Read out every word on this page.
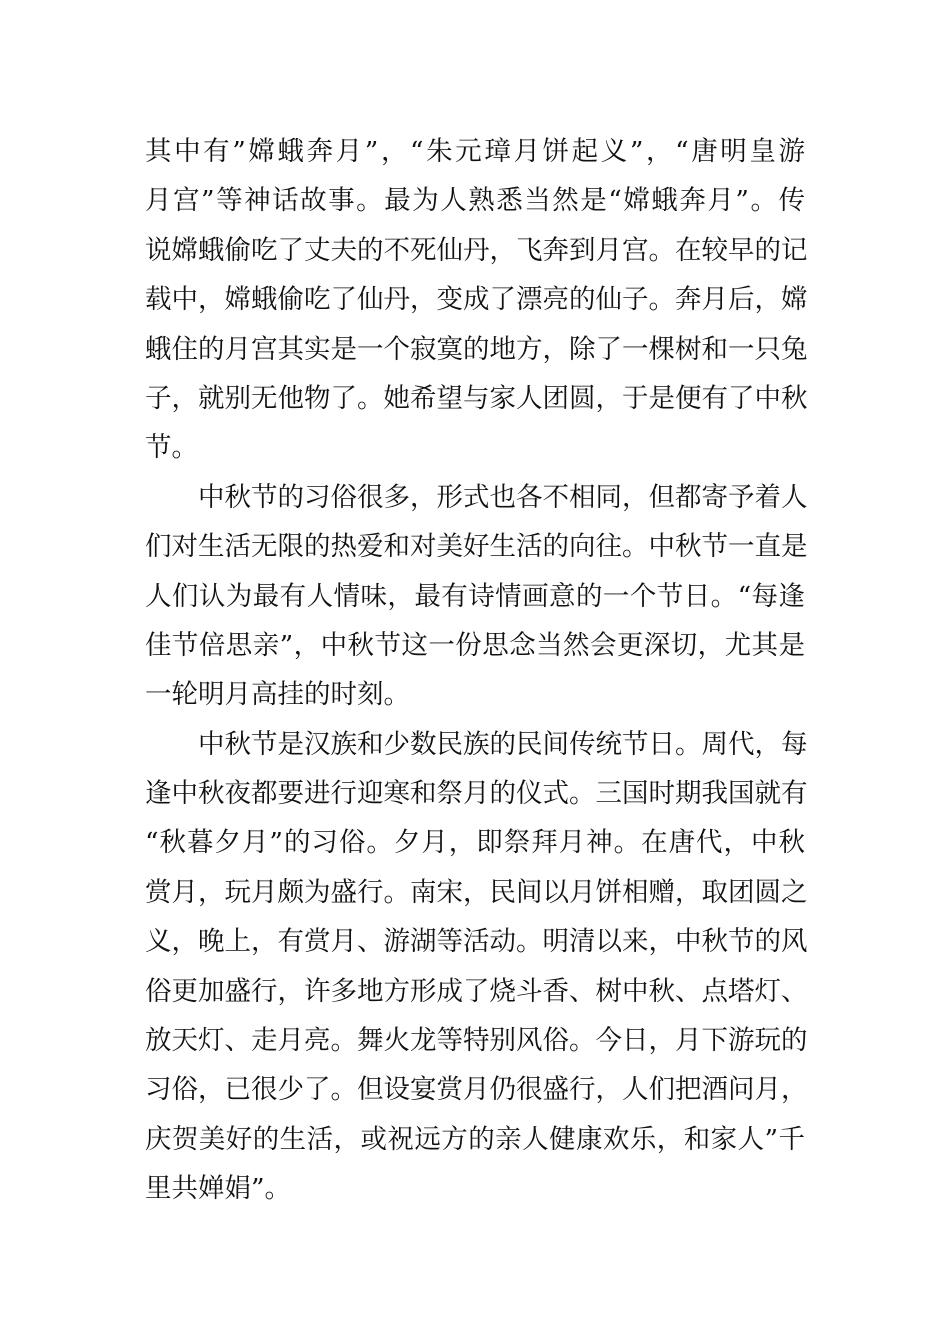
其中有”嫦蛾奔月”，“朱元璋月饼起义”，“唐明皇游
月宫”等神话故事。最为人熟悉当然是“嫦蛾奔月”。传
说嫦蛾偷吃了丈夫的不死仙丹，飞奔到月宫。在较早的记
载中，嫦蛾偷吃了仙丹，变成了漂亮的仙子。奔月后，嫦
蛾住的月宫其实是一个寂寞的地方，除了一棵树和一只兔
子，就别无他物了。她希望与家人团圆，于是便有了中秋
节。
中秋节的习俗很多，形式也各不相同，但都寄予着人
们对生活无限的热爱和对美好生活的向往。中秋节一直是
人们认为最有人情味，最有诗情画意的一个节日。“每逢
佳节倍思亲”，中秋节这一份思念当然会更深切，尤其是
一轮明月高挂的时刻。
中秋节是汉族和少数民族的民间传统节日。周代，每
逢中秋夜都要进行迎寒和祭月的仪式。三国时期我国就有
“秋暮夕月”的习俗。夕月，即祭拜月神。在唐代，中秋
赏月，玩月颇为盛行。南宋，民间以月饼相赠，取团圆之
义，晚上，有赏月、游湖等活动。明清以来，中秋节的风
俗更加盛行，许多地方形成了烧斗香、树中秋、点塔灯、
放天灯、走月亮。舞火龙等特别风俗。今日，月下游玩的
习俗，已很少了。但设宴赏月仍很盛行，人们把酒问月，
庆贺美好的生活，或祝远方的亲人健康欢乐，和家人”千
里共婵娟”。
